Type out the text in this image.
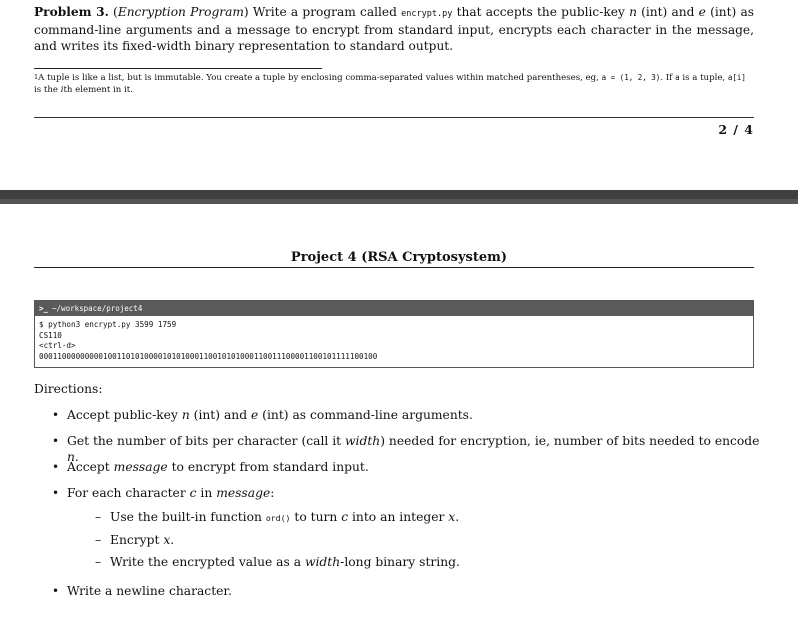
Problem 3. (Encryption Program) Write a program called encrypt.py that accepts the public-key n (int) and e (int) as command-line arguments and a message to encrypt from standard input, encrypts each character in the message, and writes its fixed-width binary representation to standard output.

$^1$A tuple is like a list, but is immutable. You create a tuple by enclosing comma-separated values within matched parentheses, eg, a = (1, 2, 3). If a is a tuple, a[i] is the ith element in it.

2 / 4
Project 4 (RSA Cryptosystem)
>_ ~/workspace/project4
$ python3 encrypt.py 3599 1759
CS110
<ctrl-d>
00011000000000100110101000010101000110010101000110011100001100101111100100
Directions:
• Accept public-key n (int) and e (int) as command-line arguments.
• Get the number of bits per character (call it width) needed for encryption, ie, number of bits needed to encode n.
• Accept message to encrypt from standard input.
• For each character c in message:
– Use the built-in function ord() to turn c into an integer x.
– Encrypt x.
– Write the encrypted value as a width-long binary string.
• Write a newline character.
